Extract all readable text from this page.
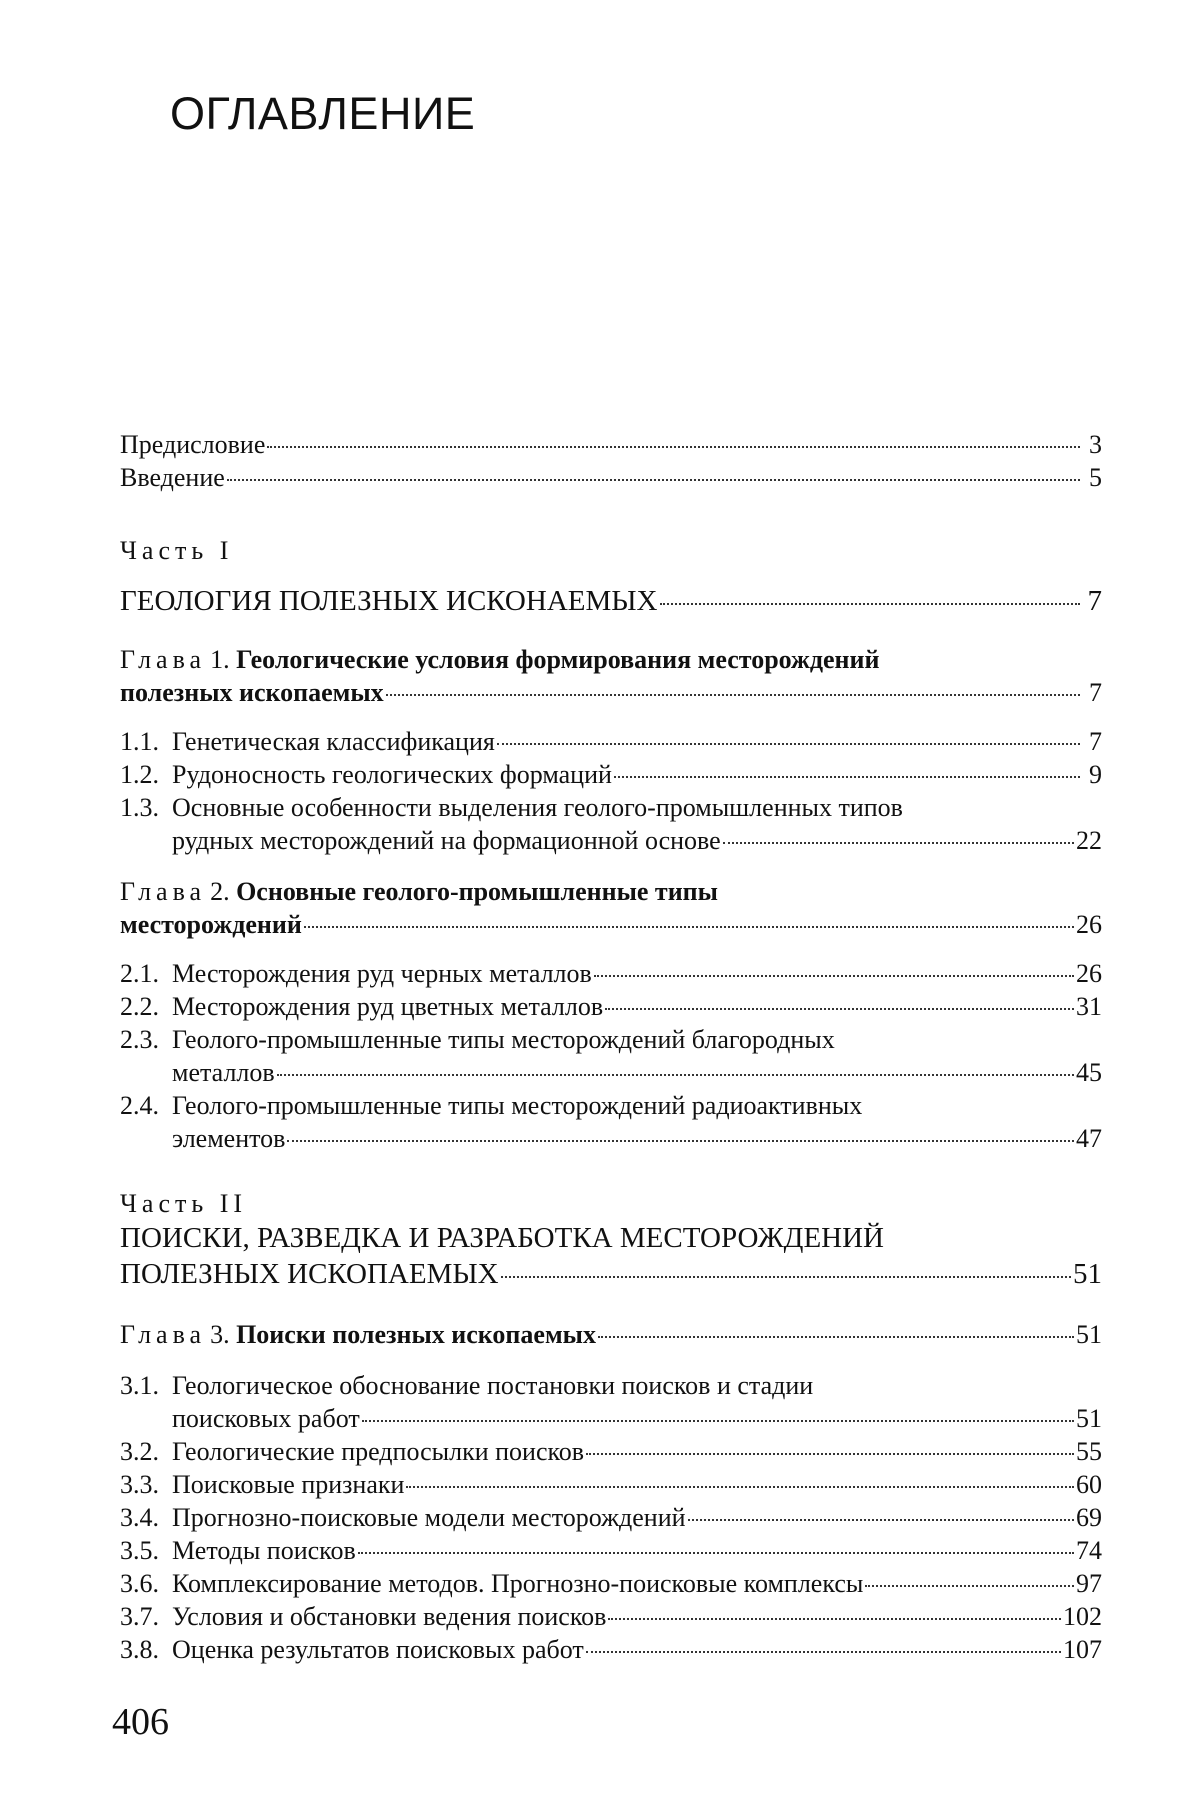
ОГЛАВЛЕНИЕ
Предисловие	3
Введение	5
Часть I
ГЕОЛОГИЯ ПОЛЕЗНЫХ ИСКОНАЕМЫХ	7
Глава 1. Геологические условия формирования месторождений
полезных ископаемых	7
1.1. Генетическая классификация	7
1.2. Рудоносность геологических формаций	9
1.3. Основные особенности выделения геолого-промышленных типов
рудных месторождений на формационной основе	22
Глава 2. Основные геолого-промышленные типы
месторождений	26
2.1. Месторождения руд черных металлов	26
2.2. Месторождения руд цветных металлов	31
2.3. Геолого-промышленные типы месторождений благородных
металлов	45
2.4. Геолого-промышленные типы месторождений радиоактивных
элементов	47
Часть II
ПОИСКИ, РАЗВЕДКА И РАЗРАБОТКА МЕСТОРОЖДЕНИЙ
ПОЛЕЗНЫХ ИСКОПАЕМЫХ	51
Глава 3. Поиски полезных ископаемых	51
3.1. Геологическое обоснование постановки поисков и стадии
поисковых работ	51
3.2. Геологические предпосылки поисков	55
3.3. Поисковые признаки	60
3.4. Прогнозно-поисковые модели месторождений	69
3.5. Методы поисков	74
3.6. Комплексирование методов. Прогнозно-поисковые комплексы	97
3.7. Условия и обстановки ведения поисков	102
3.8. Оценка результатов поисковых работ	107
406
